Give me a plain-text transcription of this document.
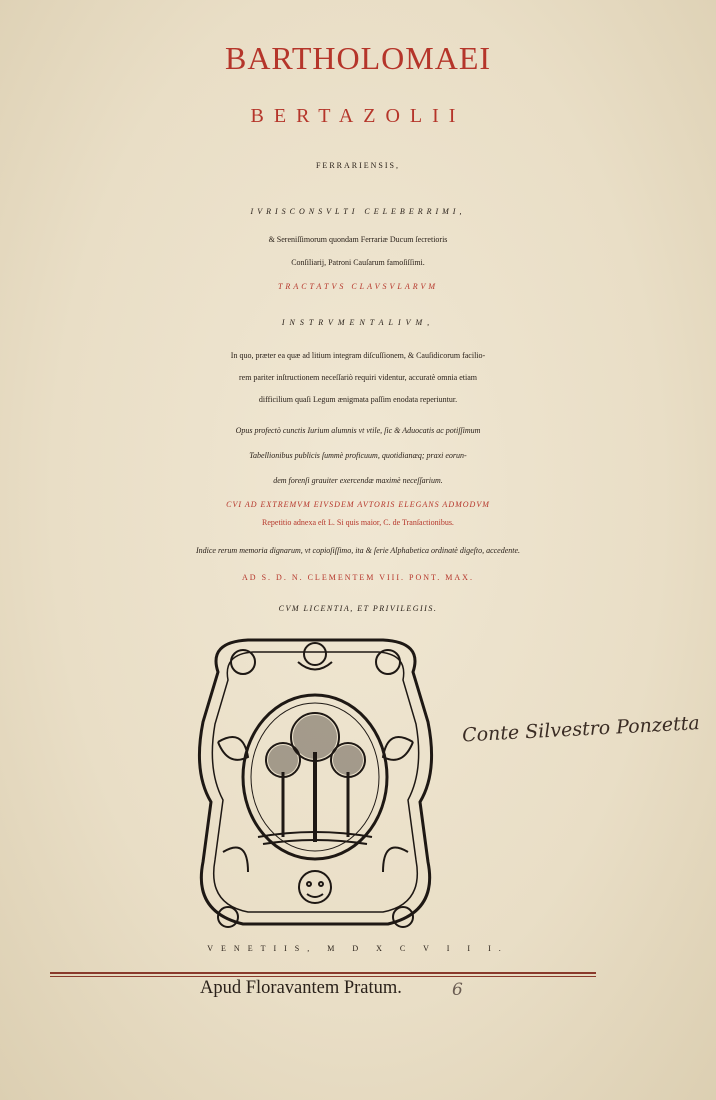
BARTHOLOMAEI
BERTAZOLII
FERRARIENSIS,
IVRISCONSVLTI CELEBERRIMI,
& Sereniſſimorum quondam Ferrariæ Ducum ſecretioris
Conſiliarij, Patroni Cauſarum famoſiſſimi.
TRACTATVS CLAVSVLARVM
INSTRVMENTALIVM,
In quo, præter ea quæ ad litium integram diſcuſſionem, & Cauſidicorum facilio-
rem pariter inſtructionem neceſſariò requiri videntur, accuratè omnia etiam
difficilium quaſi Legum ænigmata paſſim enodata reperiuntur.
Opus profectò cunctis Iurium alumnis vt vtile, ſic & Aduocatis ac potiſſimum
Tabellionibus publicis ſummè proficuum, quotidianæq; praxi eorun-
dem forenſi grauiter exercendæ maximè neceſſarium.
CVI AD EXTREMVM EIVSDEM AVTORIS ELEGANS ADMODVM
Repetitio adnexa eſt L. Si quis maior, C. de Tranſactionibus.
Indice rerum memoria dignarum, vt copioſiſſimo, ita & ſerie Alphabetica ordinatè digeſto, accedente.
AD S. D. N. CLEMENTEM VIII. PONT. MAX.
CVM LICENTIA, ET PRIVILEGIIS.
Conte Silvestro Ponzetta
VENETIIS, M D X C V I I I.
Apud Floravantem Pratum.	6
